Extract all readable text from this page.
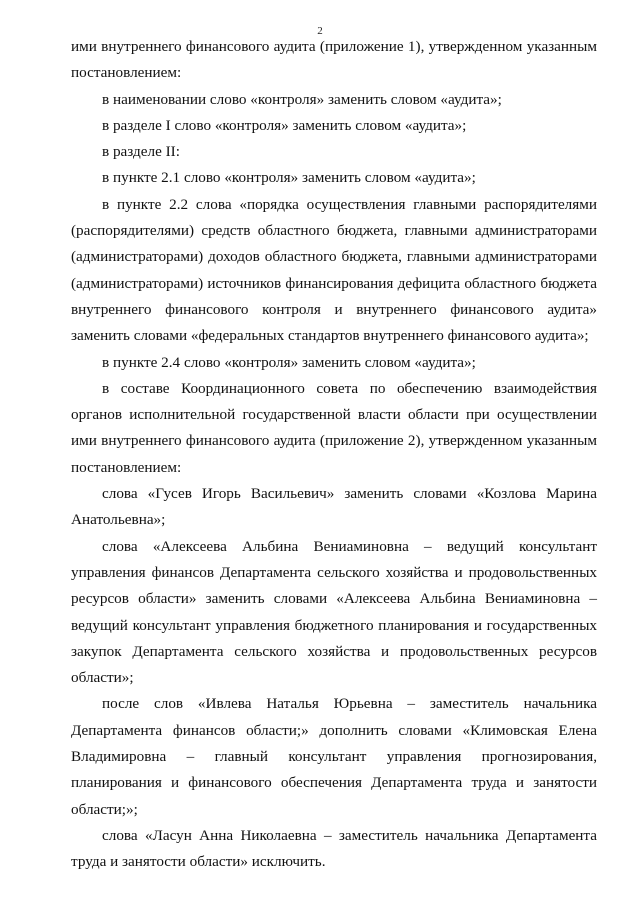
2

ими внутреннего финансового аудита (приложение 1), утвержденном указанным постановлением:

в наименовании слово «контроля» заменить словом «аудита»;

в разделе I слово «контроля» заменить словом «аудита»;

в разделе II:

в пункте 2.1 слово «контроля» заменить словом «аудита»;

в пункте 2.2 слова «порядка осуществления главными распорядителями (распорядителями) средств областного бюджета, главными администраторами (администраторами) доходов областного бюджета, главными администраторами (администраторами) источников финансирования дефицита областного бюджета внутреннего финансового контроля и внутреннего финансового аудита» заменить словами «федеральных стандартов внутреннего финансового аудита»;

в пункте 2.4 слово «контроля» заменить словом «аудита»;

в составе Координационного совета по обеспечению взаимодействия органов исполнительной государственной власти области при осуществлении ими внутреннего финансового аудита (приложение 2), утвержденном указанным постановлением:

слова «Гусев Игорь Васильевич» заменить словами «Козлова Марина Анатольевна»;

слова «Алексеева Альбина Вениаминовна – ведущий консультант управления финансов Департамента сельского хозяйства и продовольственных ресурсов области» заменить словами «Алексеева Альбина Вениаминовна – ведущий консультант управления бюджетного планирования и государственных закупок Департамента сельского хозяйства и продовольственных ресурсов области»;

после слов «Ивлева Наталья Юрьевна – заместитель начальника Департамента финансов области;» дополнить словами «Климовская Елена Владимировна – главный консультант управления прогнозирования, планирования и финансового обеспечения Департамента труда и занятости области;»;

слова «Ласун Анна Николаевна – заместитель начальника Департамента труда и занятости области» исключить.
